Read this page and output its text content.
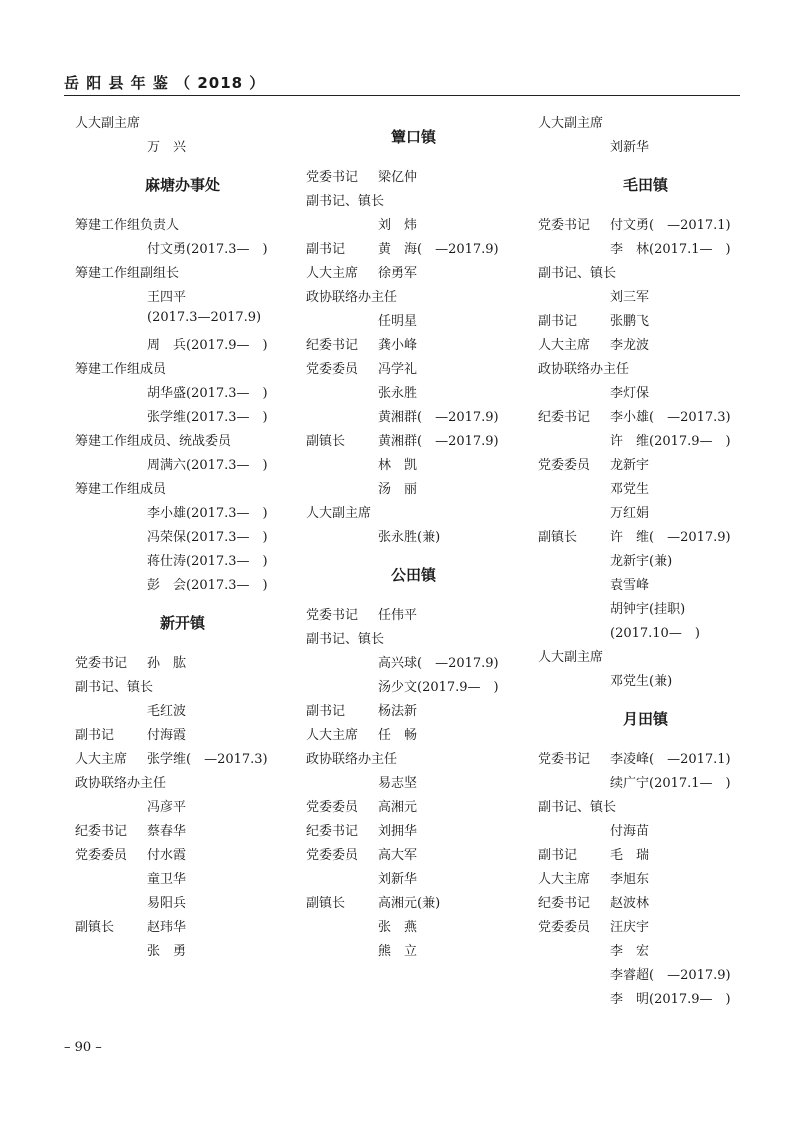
岳 阳 县 年 鉴 （ 2018 ）
人大副主席
万　兴
麻塘办事处
筹建工作组负责人
付文勇(2017.3—　)
筹建工作组副组长
王四平
(2017.3—2017.9)
周　兵(2017.9—　)
筹建工作组成员
胡华盛(2017.3—　)
张学维(2017.3—　)
筹建工作组成员、统战委员
周满六(2017.3—　)
筹建工作组成员
李小雄(2017.3—　)
冯荣保(2017.3—　)
蒋仕涛(2017.3—　)
彭　会(2017.3—　)
新开镇
党委书记	孙　肱
副书记、镇长
毛红波
副书记	付海霞
人大主席	张学维(　—2017.3)
政协联络办主任
冯彦平
纪委书记	蔡春华
党委委员	付水霞
童卫华
易阳兵
副镇长	赵玮华
张　勇
簟口镇
党委书记	梁亿仲
副书记、镇长
刘　炜
副书记	黄　海(　—2017.9)
人大主席	徐勇军
政协联络办主任
任明星
纪委书记	龚小峰
党委委员	冯学礼
张永胜
黄湘群(　—2017.9)
副镇长	黄湘群(　—2017.9)
林　凯
汤　丽
人大副主席
张永胜(兼)
公田镇
党委书记	任伟平
副书记、镇长
高兴球(　—2017.9)
汤少文(2017.9—　)
副书记	杨法新
人大主席	任　畅
政协联络办主任
易志坚
党委委员	高湘元
纪委书记	刘拥华
党委委员	高大军
刘新华
副镇长	高湘元(兼)
张　燕
熊　立
人大副主席
刘新华
毛田镇
党委书记	付文勇(　—2017.1)
李　林(2017.1—　)
副书记、镇长
刘三军
副书记	张鹏飞
人大主席	李龙波
政协联络办主任
李灯保
纪委书记	李小雄(　—2017.3)
许　维(2017.9—　)
党委委员	龙新宇
邓党生
万红娟
副镇长	许　维(　—2017.9)
龙新宇(兼)
袁雪峰
胡钟宇(挂职)
(2017.10—　)
人大副主席
邓党生(兼)
月田镇
党委书记	李凌峰(　—2017.1)
续广宁(2017.1—　)
副书记、镇长
付海苗
副书记	毛　瑞
人大主席	李旭东
纪委书记	赵波林
党委委员	汪庆宇
李　宏
李睿超(　—2017.9)
李　明(2017.9—　)
– 90 –
